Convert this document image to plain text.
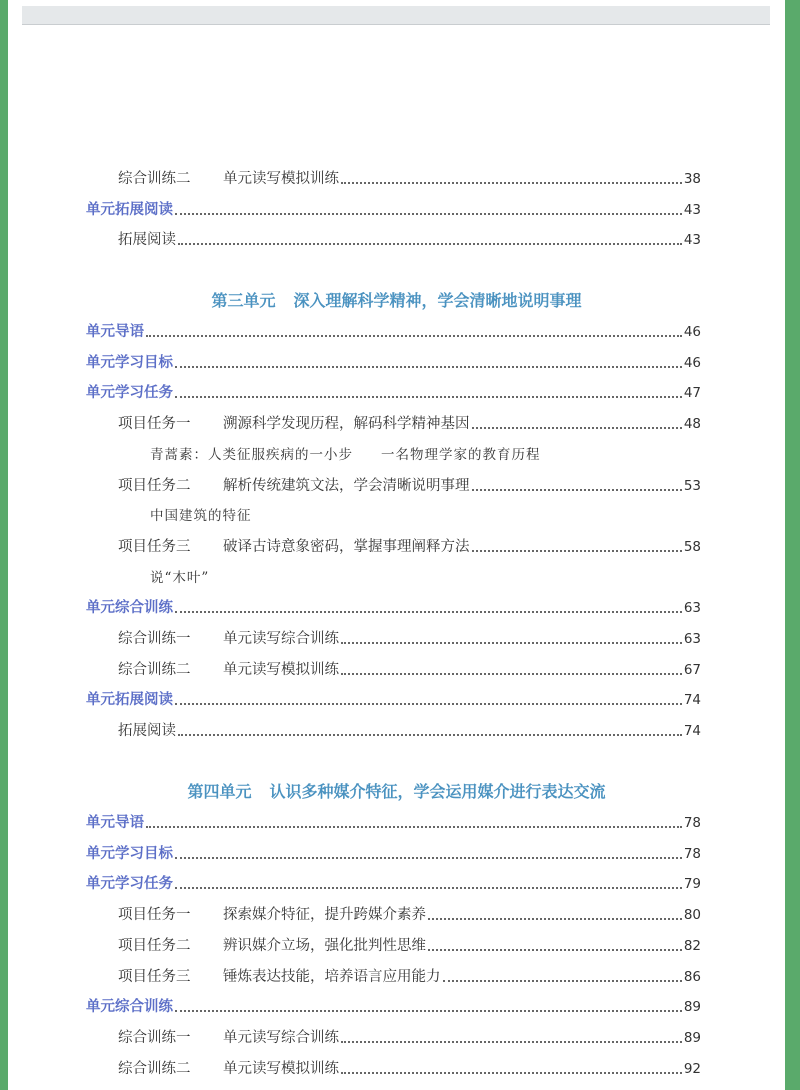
综合训练二 单元读写模拟训练	38
单元拓展阅读	43
拓展阅读	43
第三单元 深入理解科学精神，学会清晰地说明事理
单元导语	46
单元学习目标	46
单元学习任务	47
项目任务一 溯源科学发现历程，解码科学精神基因	48
青蒿素：人类征服疾病的一小步 一名物理学家的教育历程
项目任务二 解析传统建筑文法，学会清晰说明事理	53
中国建筑的特征
项目任务三 破译古诗意象密码，掌握事理阐释方法	58
说“木叶”
单元综合训练	63
综合训练一 单元读写综合训练	63
综合训练二 单元读写模拟训练	67
单元拓展阅读	74
拓展阅读	74
第四单元 认识多种媒介特征，学会运用媒介进行表达交流
单元导语	78
单元学习目标	78
单元学习任务	79
项目任务一 探索媒介特征，提升跨媒介素养	80
项目任务二 辨识媒介立场，强化批判性思维	82
项目任务三 锤炼表达技能，培养语言应用能力	86
单元综合训练	89
综合训练一 单元读写综合训练	89
综合训练二 单元读写模拟训练	92
